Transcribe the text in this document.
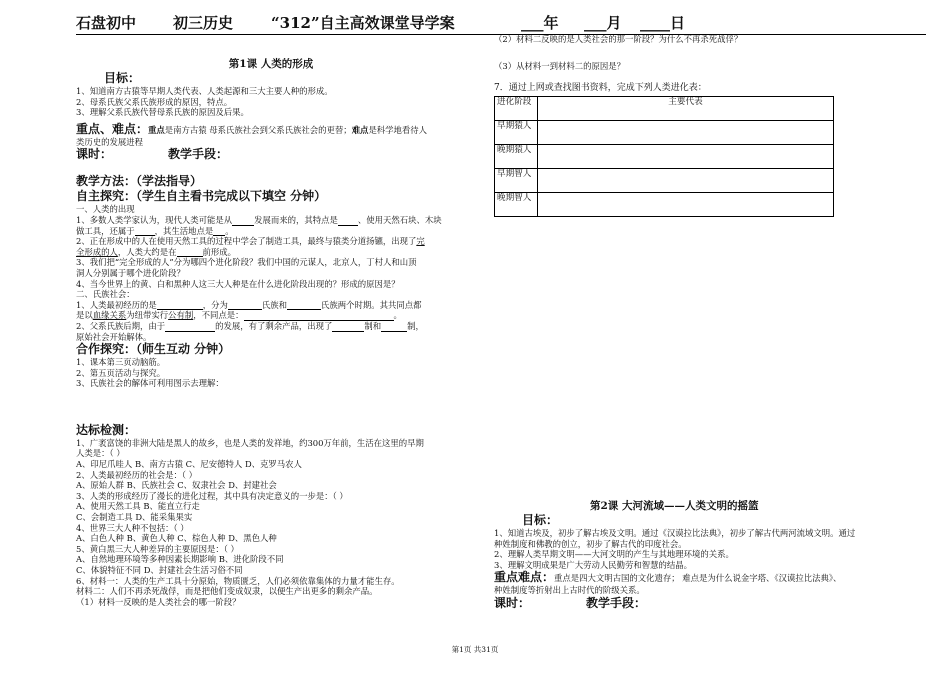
石盘初中 初三历史	“312”自主高效课堂导学案	___年 ___月 ____日

第1课 人类的形成

目标：

1、知道南方古猿等早期人类代表、人类起源和三大主要人种的形成。

2、母系氏族父系氏族形成的原因，特点。

3、理解父系氏族代替母系氏族的原因及后果。

重点、难点：重点是南方古猿 母系氏族社会到父系氏族社会的更替；难点是科学地看待人

类历史的发展进程

课时：	教学手段：

教学方法：（学法指导）

自主探究：（学生自主看书完成以下填空 分钟）

一、人类的出现

1、多数人类学家认为，现代人类可能是从	发展而来的，其特点是 、使用天然石块、木块

做工具，还属于 ，其生活地点是 。

2、正在形成中的人在使用天然工具的过程中学会了制造工具，最终与猿类分道扬镳，出现了完

全形成的人，人类大约是在	前形成。

3、我们把“完全形成的人”分为哪四个进化阶段？我们中国的元谋人，北京人，丁村人和山顶

洞人分别属于哪个进化阶段？

4、当今世界上的黄、白和黑种人这三大人种是在什么进化阶段出现的？形成的原因是？

二、氏族社会：

1、人类最初经历的是	，分为	氏族和	氏族两个时期。其共同点都

是以血缘关系为纽带实行公有制，不同点是：	。

2、父系氏族后期，由于	的发展，有了剩余产品，出现了	制和	制，

原始社会开始解体。

合作探究：（师生互动 分钟）

1、课本第三页动脑筋。

2、第五页活动与探究。

3、氏族社会的解体可利用图示去理解：

达标检测：

1、广袤富饶的非洲大陆是黑人的故乡，也是人类的发祥地，约300万年前，生活在这里的早期

人类是：（ ）

A、印尼爪哇人 B、南方古猿 C、尼安德特人 D、克罗马农人

2、人类最初经历的社会是：（ ）

A、原始人群 B、氏族社会 C、奴隶社会 D、封建社会

3、人类的形成经历了漫长的进化过程，其中具有决定意义的一步是：（ ）

A、使用天然工具 B、能直立行走

C、会制造工具 D、能采集果实

4、世界三大人种不包括：（ ）

A、白色人种 B、黄色人种 C、棕色人种 D、黑色人种

5、黄白黑三大人种差异的主要原因是：（ ）

A、自然地理环境等多种因素长期影响 B、进化阶段不同

C、体貌特征不同 D、封建社会生活习俗不同

6、材料一：人类的生产工具十分原始，物质匮乏，人们必须依靠集体的力量才能生存。

材料二：人们不再杀死战俘，而是把他们变成奴隶，以便生产出更多的剩余产品。

（1）材料一反映的是人类社会的哪一阶段？

（2）材料二反映的是人类社会的那一阶段？为什么不再杀死战俘？

（3）从材料一到材料二的原因是？

7．通过上网或查找图书资料，完成下列人类进化表：

进化阶段	主要代表
早期猿人	
晚期猿人	
早期智人	
晚期智人	

第2课 大河流域——人类文明的摇篮

目标：

1、知道古埃及，初步了解古埃及文明。通过《汉谟拉比法典》，初步了解古代两河流域文明。通过

种姓制度和佛教的创立，初步了解古代的印度社会。

2、理解人类早期文明——大河文明的产生与其地理环境的关系。

3、理解文明成果是广大劳动人民勤劳和智慧的结晶。

重点难点：重点是四大文明古国的文化遗存； 难点是为什么说金字塔、《汉谟拉比法典》、

种姓制度等折射出上古时代的阶级关系。

课时：	教学手段：

第1页 共31页
